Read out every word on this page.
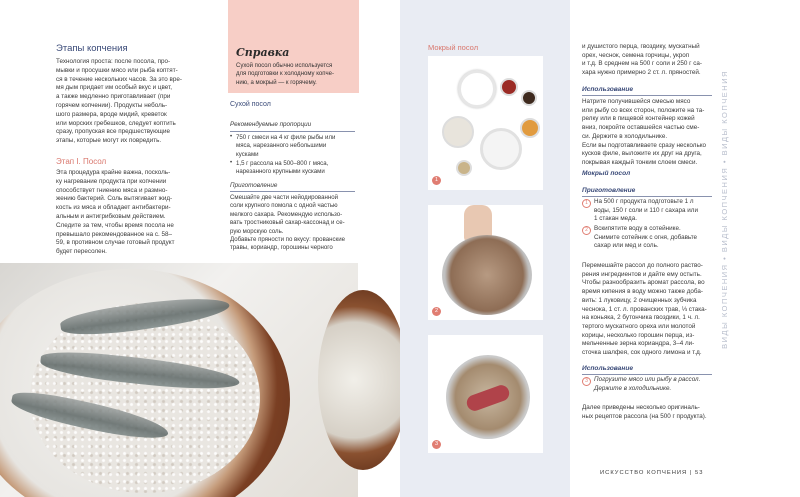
Этапы копчения
Технология проста: после посола, про-
мывки и просушки мясо или рыба коптят-
ся в течение нескольких часов. За это вре-
мя дым придает им особый вкус и цвет,
а также медленно приготавливает (при
горячем копчении). Продукты неболь-
шого размера, вроде мидий, креветок
или морских гребешков, следует коптить
сразу, пропуская все предшествующие
этапы, которые могут их повредить.
Этап I. Посол
Эта процедура крайне важна, посколь-
ку нагревание продукта при копчении
способствует гниению мяса и размно-
жению бактерий. Соль вытягивает жид-
кость из мяса и обладает антибактери-
альным и антигрибковым действием.
Следите за тем, чтобы время посола не
превышало рекомендованное на с. 58–
59, в противном случае готовый продукт
будет пересолен.
Справка
Сухой посол обычно используется
для подготовки к холодному копче-
нию, а мокрый — к горячему.
Сухой посол
Рекомендуемые пропорции
• 750 г смеси на 4 кг филе рыбы или
мяса, нарезанного небольшими
кусками
• 1,5 г рассола на 500–800 г мяса,
нарезанного крупными кусками
Приготовление
Смешайте две части нейодированной
соли крупного помола с одной частью
мелкого сахара. Рекомендую использо-
вать тростниковый сахар-кассонад и се-
рую морскую соль.
Добавьте пряности по вкусу: прованские
травы, кориандр, горошины черного
Мокрый посол
1
2
3
и душистого перца, гвоздику, мускатный
орех, чеснок, семена горчицы, укроп
и т.д. В среднем на 500 г соли и 250 г са-
хара нужно примерно 2 ст. л. пряностей.
Использование
Натрите получившейся смесью мясо
или рыбу со всех сторон, положите на та-
релку или в пищевой контейнер кожей
вниз, покройте оставшейся частью сме-
си. Держите в холодильнике.
Если вы подготавливаете сразу несколько
кусков филе, выложите их друг на друга,
покрывая каждый тонким слоем смеси.
Мокрый посол
Приготовление
1 На 500 г продукта подготовьте 1 л
воды, 150 г соли и 110 г сахара или
1 стакан меда.
2 Вскипятите воду в сотейнике.
Снимите сотейник с огня, добавьте
сахар или мед и соль.
Перемешайте рассол до полного раство-
рения ингредиентов и дайте ему остыть.
Чтобы разнообразить аромат рассола, во
время кипения в воду можно также доба-
вить: 1 луковицу, 2 очищенных зубчика
чеснока, 1 ст. л. прованских трав, ⅓ стака-
на коньяка, 2 бутончика гвоздики, 1 ч. л.
тертого мускатного ореха или молотой
корицы, несколько горошин перца, из-
мельченные зерна кориандра, 3–4 ли-
сточка шалфея, сок одного лимона и т.д.
Использование
3 Погрузите мясо или рыбу в рассол.
Держите в холодильнике.
Далее приведены несколько оригиналь-
ных рецептов рассола (на 500 г продукта).
ВИДЫ КОПЧЕНИЯ • ВИДЫ КОПЧЕНИЯ • ВИДЫ КОПЧЕНИЯ
ИСКУССТВО КОПЧЕНИЯ | 53
